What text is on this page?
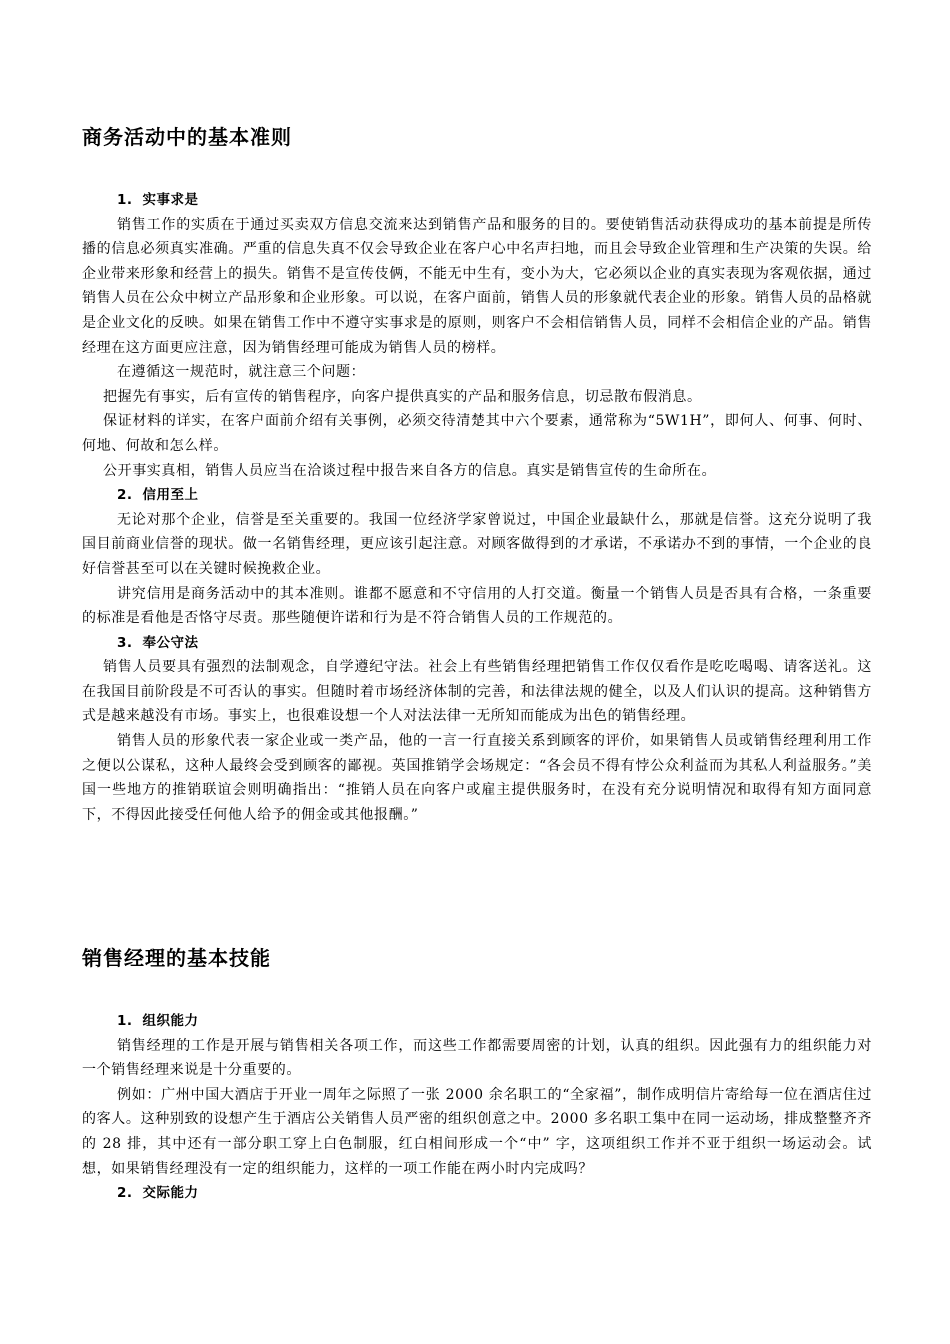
商务活动中的基本准则

1. 实事求是

销售工作的实质在于通过买卖双方信息交流来达到销售产品和服务的目的。要使销售活动获得成功的基本前提是所传播的信息必须真实准确。严重的信息失真不仅会导致企业在客户心中名声扫地，而且会导致企业管理和生产决策的失误。给企业带来形象和经营上的损失。销售不是宣传伎俩，不能无中生有，变小为大，它必须以企业的真实表现为客观依据，通过销售人员在公众中树立产品形象和企业形象。可以说，在客户面前，销售人员的形象就代表企业的形象。销售人员的品格就是企业文化的反映。如果在销售工作中不遵守实事求是的原则，则客户不会相信销售人员，同样不会相信企业的产品。销售经理在这方面更应注意，因为销售经理可能成为销售人员的榜样。

在遵循这一规范时，就注意三个问题：

把握先有事实，后有宣传的销售程序，向客户提供真实的产品和服务信息，切忌散布假消息。

保证材料的详实，在客户面前介绍有关事例，必须交待清楚其中六个要素，通常称为“5W1H”，即何人、何事、何时、何地、何故和怎么样。

公开事实真相，销售人员应当在洽谈过程中报告来自各方的信息。真实是销售宣传的生命所在。

2. 信用至上

无论对那个企业，信誉是至关重要的。我国一位经济学家曾说过，中国企业最缺什么，那就是信誉。这充分说明了我国目前商业信誉的现状。做一名销售经理，更应该引起注意。对顾客做得到的才承诺，不承诺办不到的事情，一个企业的良好信誉甚至可以在关键时候挽救企业。

讲究信用是商务活动中的其本准则。谁都不愿意和不守信用的人打交道。衡量一个销售人员是否具有合格，一条重要的标准是看他是否恪守尽责。那些随便许诺和行为是不符合销售人员的工作规范的。

3. 奉公守法

销售人员要具有强烈的法制观念，自学遵纪守法。社会上有些销售经理把销售工作仅仅看作是吃吃喝喝、请客送礼。这在我国目前阶段是不可否认的事实。但随时着市场经济体制的完善，和法律法规的健全，以及人们认识的提高。这种销售方式是越来越没有市场。事实上，也很难设想一个人对法法律一无所知而能成为出色的销售经理。

销售人员的形象代表一家企业或一类产品，他的一言一行直接关系到顾客的评价，如果销售人员或销售经理利用工作之便以公谋私，这种人最终会受到顾客的鄙视。英国推销学会场规定：“各会员不得有悖公众利益而为其私人利益服务。”美国一些地方的推销联谊会则明确指出：“推销人员在向客户或雇主提供服务时，在没有充分说明情况和取得有知方面同意下，不得因此接受任何他人给予的佣金或其他报酬。”

销售经理的基本技能

1. 组织能力

销售经理的工作是开展与销售相关各项工作，而这些工作都需要周密的计划，认真的组织。因此强有力的组织能力对一个销售经理来说是十分重要的。

例如：广州中国大酒店于开业一周年之际照了一张 2000 余名职工的“全家福”，制作成明信片寄给每一位在酒店住过的客人。这种别致的设想产生于酒店公关销售人员严密的组织创意之中。2000 多名职工集中在同一运动场，排成整整齐齐的 28 排，其中还有一部分职工穿上白色制服，红白相间形成一个“中” 字，这项组织工作并不亚于组织一场运动会。试想，如果销售经理没有一定的组织能力，这样的一项工作能在两小时内完成吗？

2. 交际能力
